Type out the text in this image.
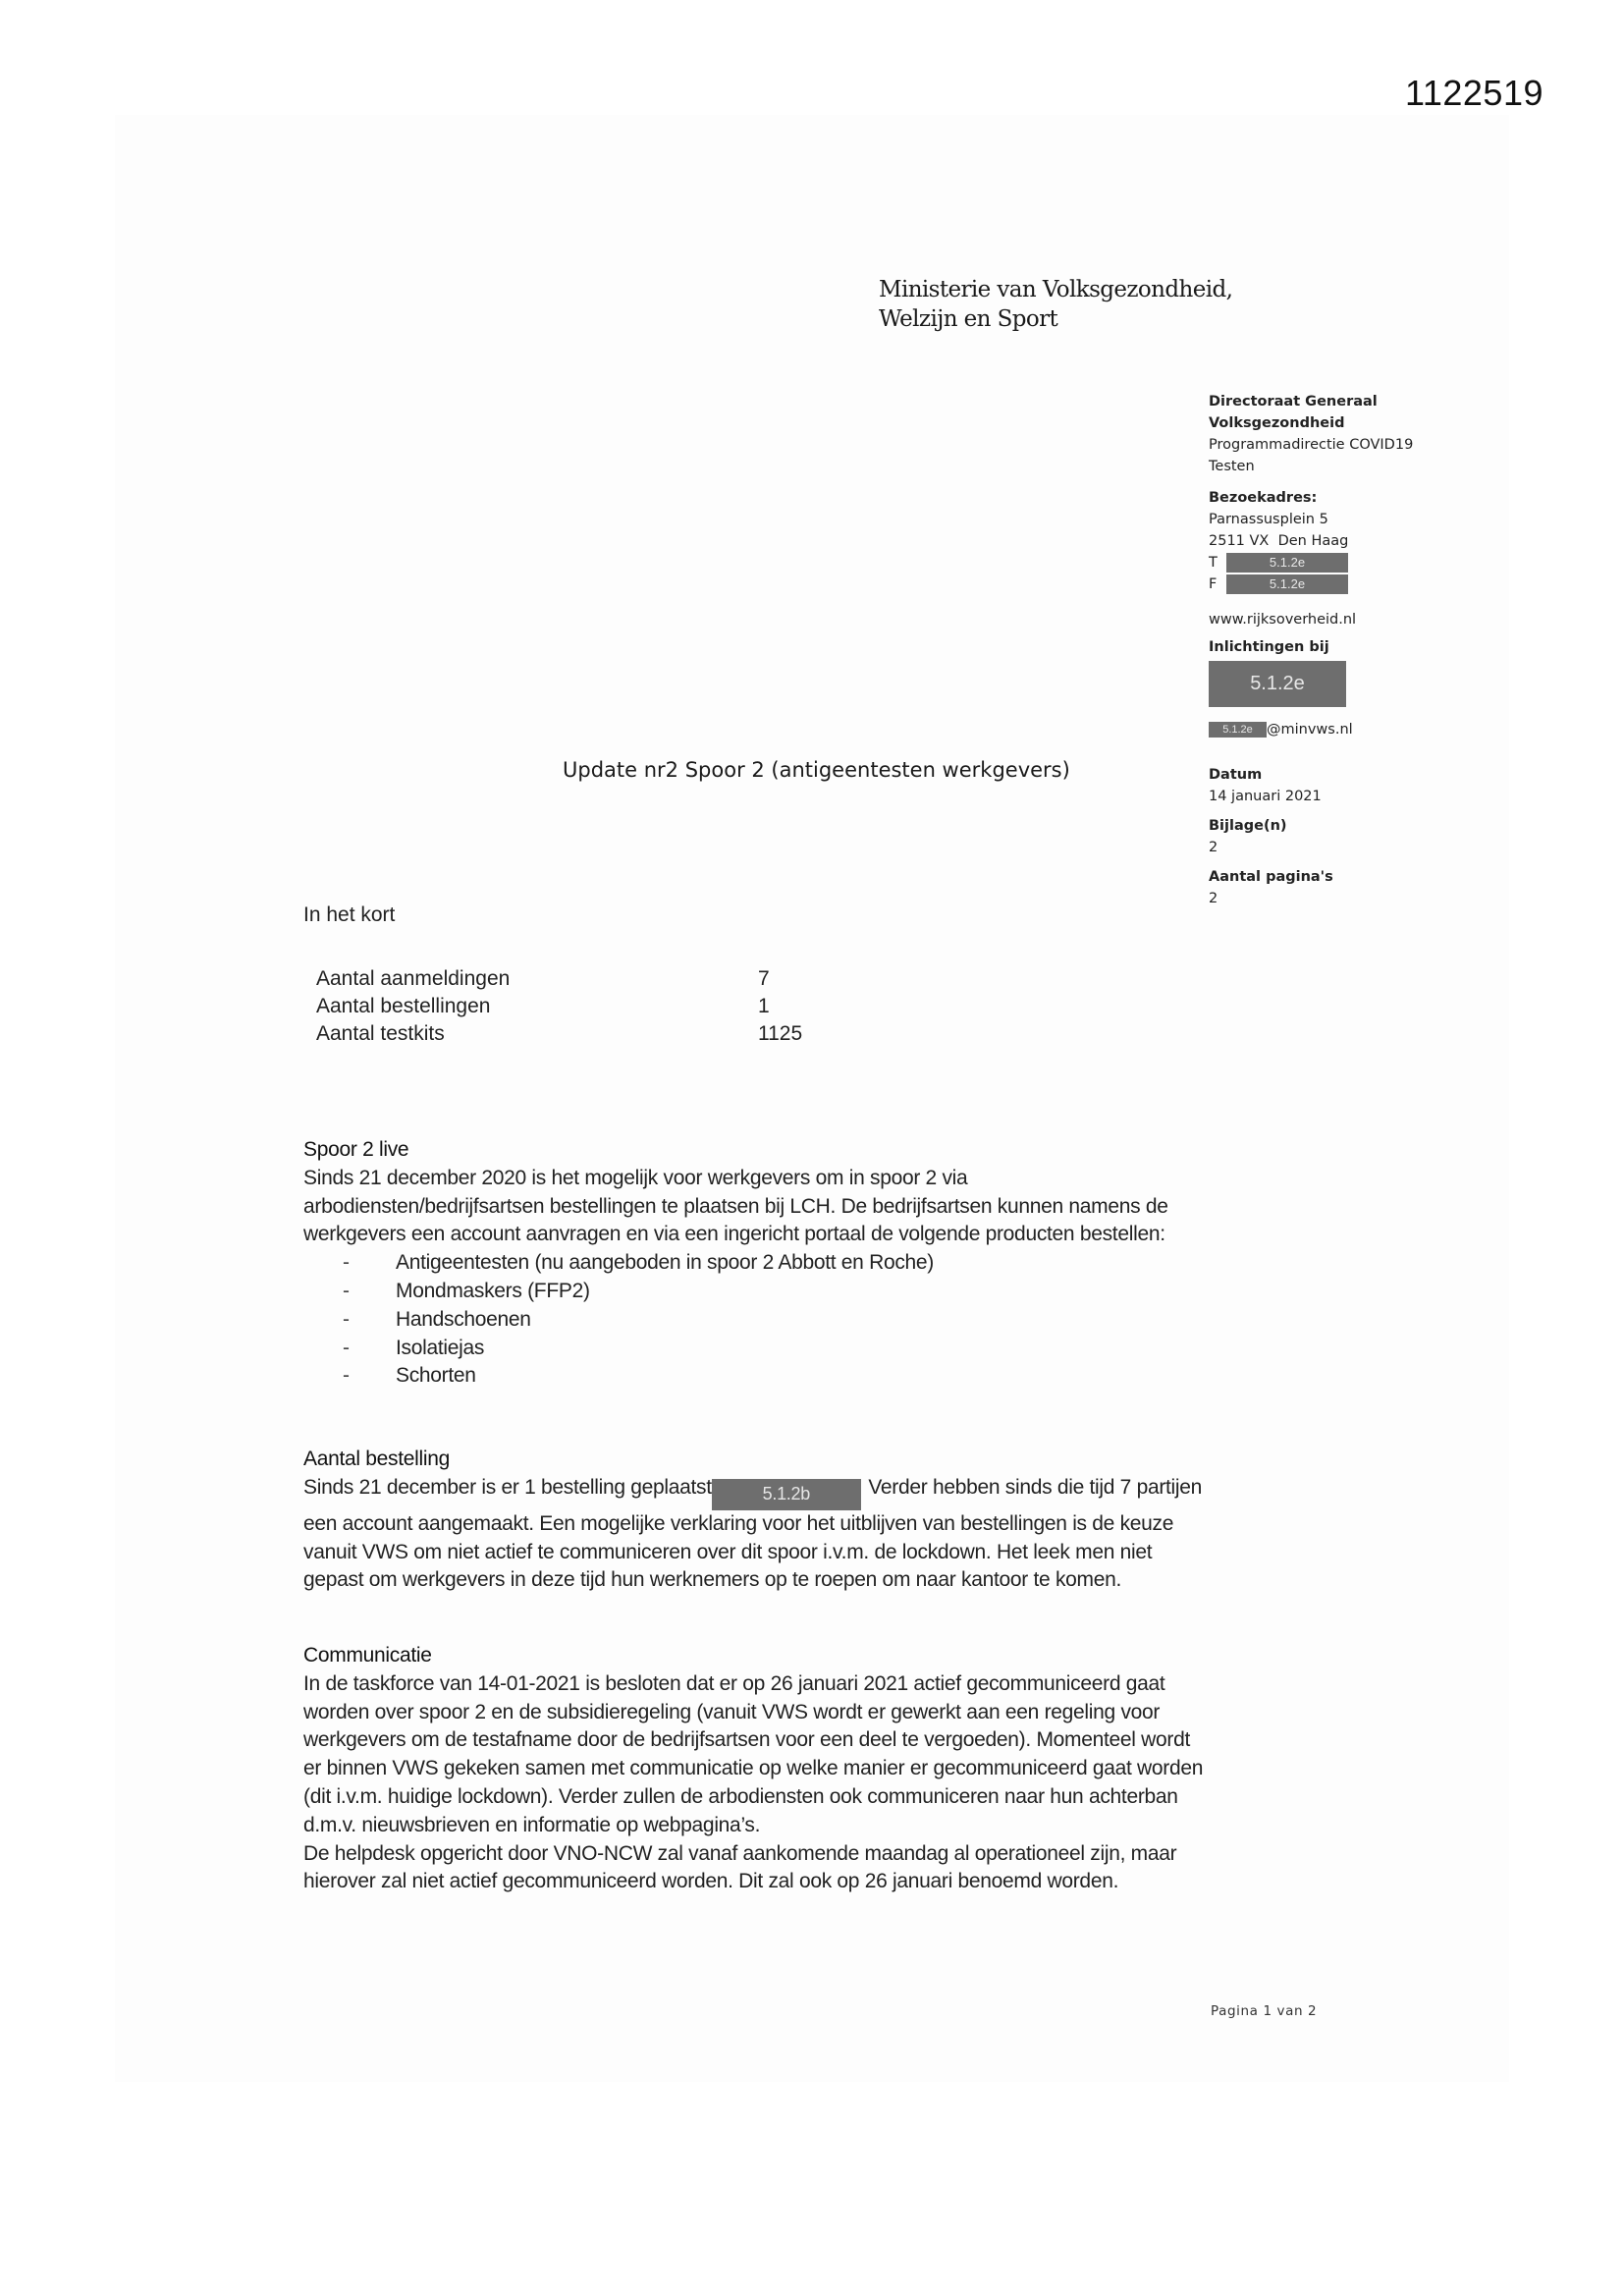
1122519
Ministerie van Volksgezondheid,
Welzijn en Sport
Directoraat Generaal
Volksgezondheid
Programmadirectie COVID19
Testen
Bezoekadres:
Parnassusplein 5
2511 VX  Den Haag
T	5.1.2e
F	5.1.2e
www.rijksoverheid.nl
Inlichtingen bij
5.1.2e
5.1.2e @minvws.nl
Datum
14 januari 2021
Bijlage(n)
2
Aantal pagina's
2
Update nr2 Spoor 2 (antigeentesten werkgevers)
In het kort
Aantal aanmeldingen	7
Aantal bestellingen	1
Aantal testkits	1125
Spoor 2 live

Sinds 21 december 2020 is het mogelijk voor werkgevers om in spoor 2 via arbodiensten/bedrijfsartsen bestellingen te plaatsen bij LCH. De bedrijfsartsen kunnen namens de werkgevers een account aanvragen en via een ingericht portaal de volgende producten bestellen:

-	Antigeentesten (nu aangeboden in spoor 2 Abbott en Roche)
-	Mondmaskers (FFP2)
-	Handschoenen
-	Isolatiejas
-	Schorten
Aantal bestelling

Sinds 21 december is er 1 bestelling geplaatst	5.1.2b	Verder hebben sinds die tijd 7 partijen een account aangemaakt. Een mogelijke verklaring voor het uitblijven van bestellingen is de keuze vanuit VWS om niet actief te communiceren over dit spoor i.v.m. de lockdown. Het leek men niet gepast om werkgevers in deze tijd hun werknemers op te roepen om naar kantoor te komen.

Communicatie

In de taskforce van 14-01-2021 is besloten dat er op 26 januari 2021 actief gecommuniceerd gaat worden over spoor 2 en de subsidieregeling (vanuit VWS wordt er gewerkt aan een regeling voor werkgevers om de testafname door de bedrijfsartsen voor een deel te vergoeden). Momenteel wordt er binnen VWS gekeken samen met communicatie op welke manier er gecommuniceerd gaat worden (dit i.v.m. huidige lockdown). Verder zullen de arbodiensten ook communiceren naar hun achterban d.m.v. nieuwsbrieven en informatie op webpagina’s.

De helpdesk opgericht door VNO-NCW zal vanaf aankomende maandag al operationeel zijn, maar hierover zal niet actief gecommuniceerd worden. Dit zal ook op 26 januari benoemd worden.

Pagina 1 van 2
